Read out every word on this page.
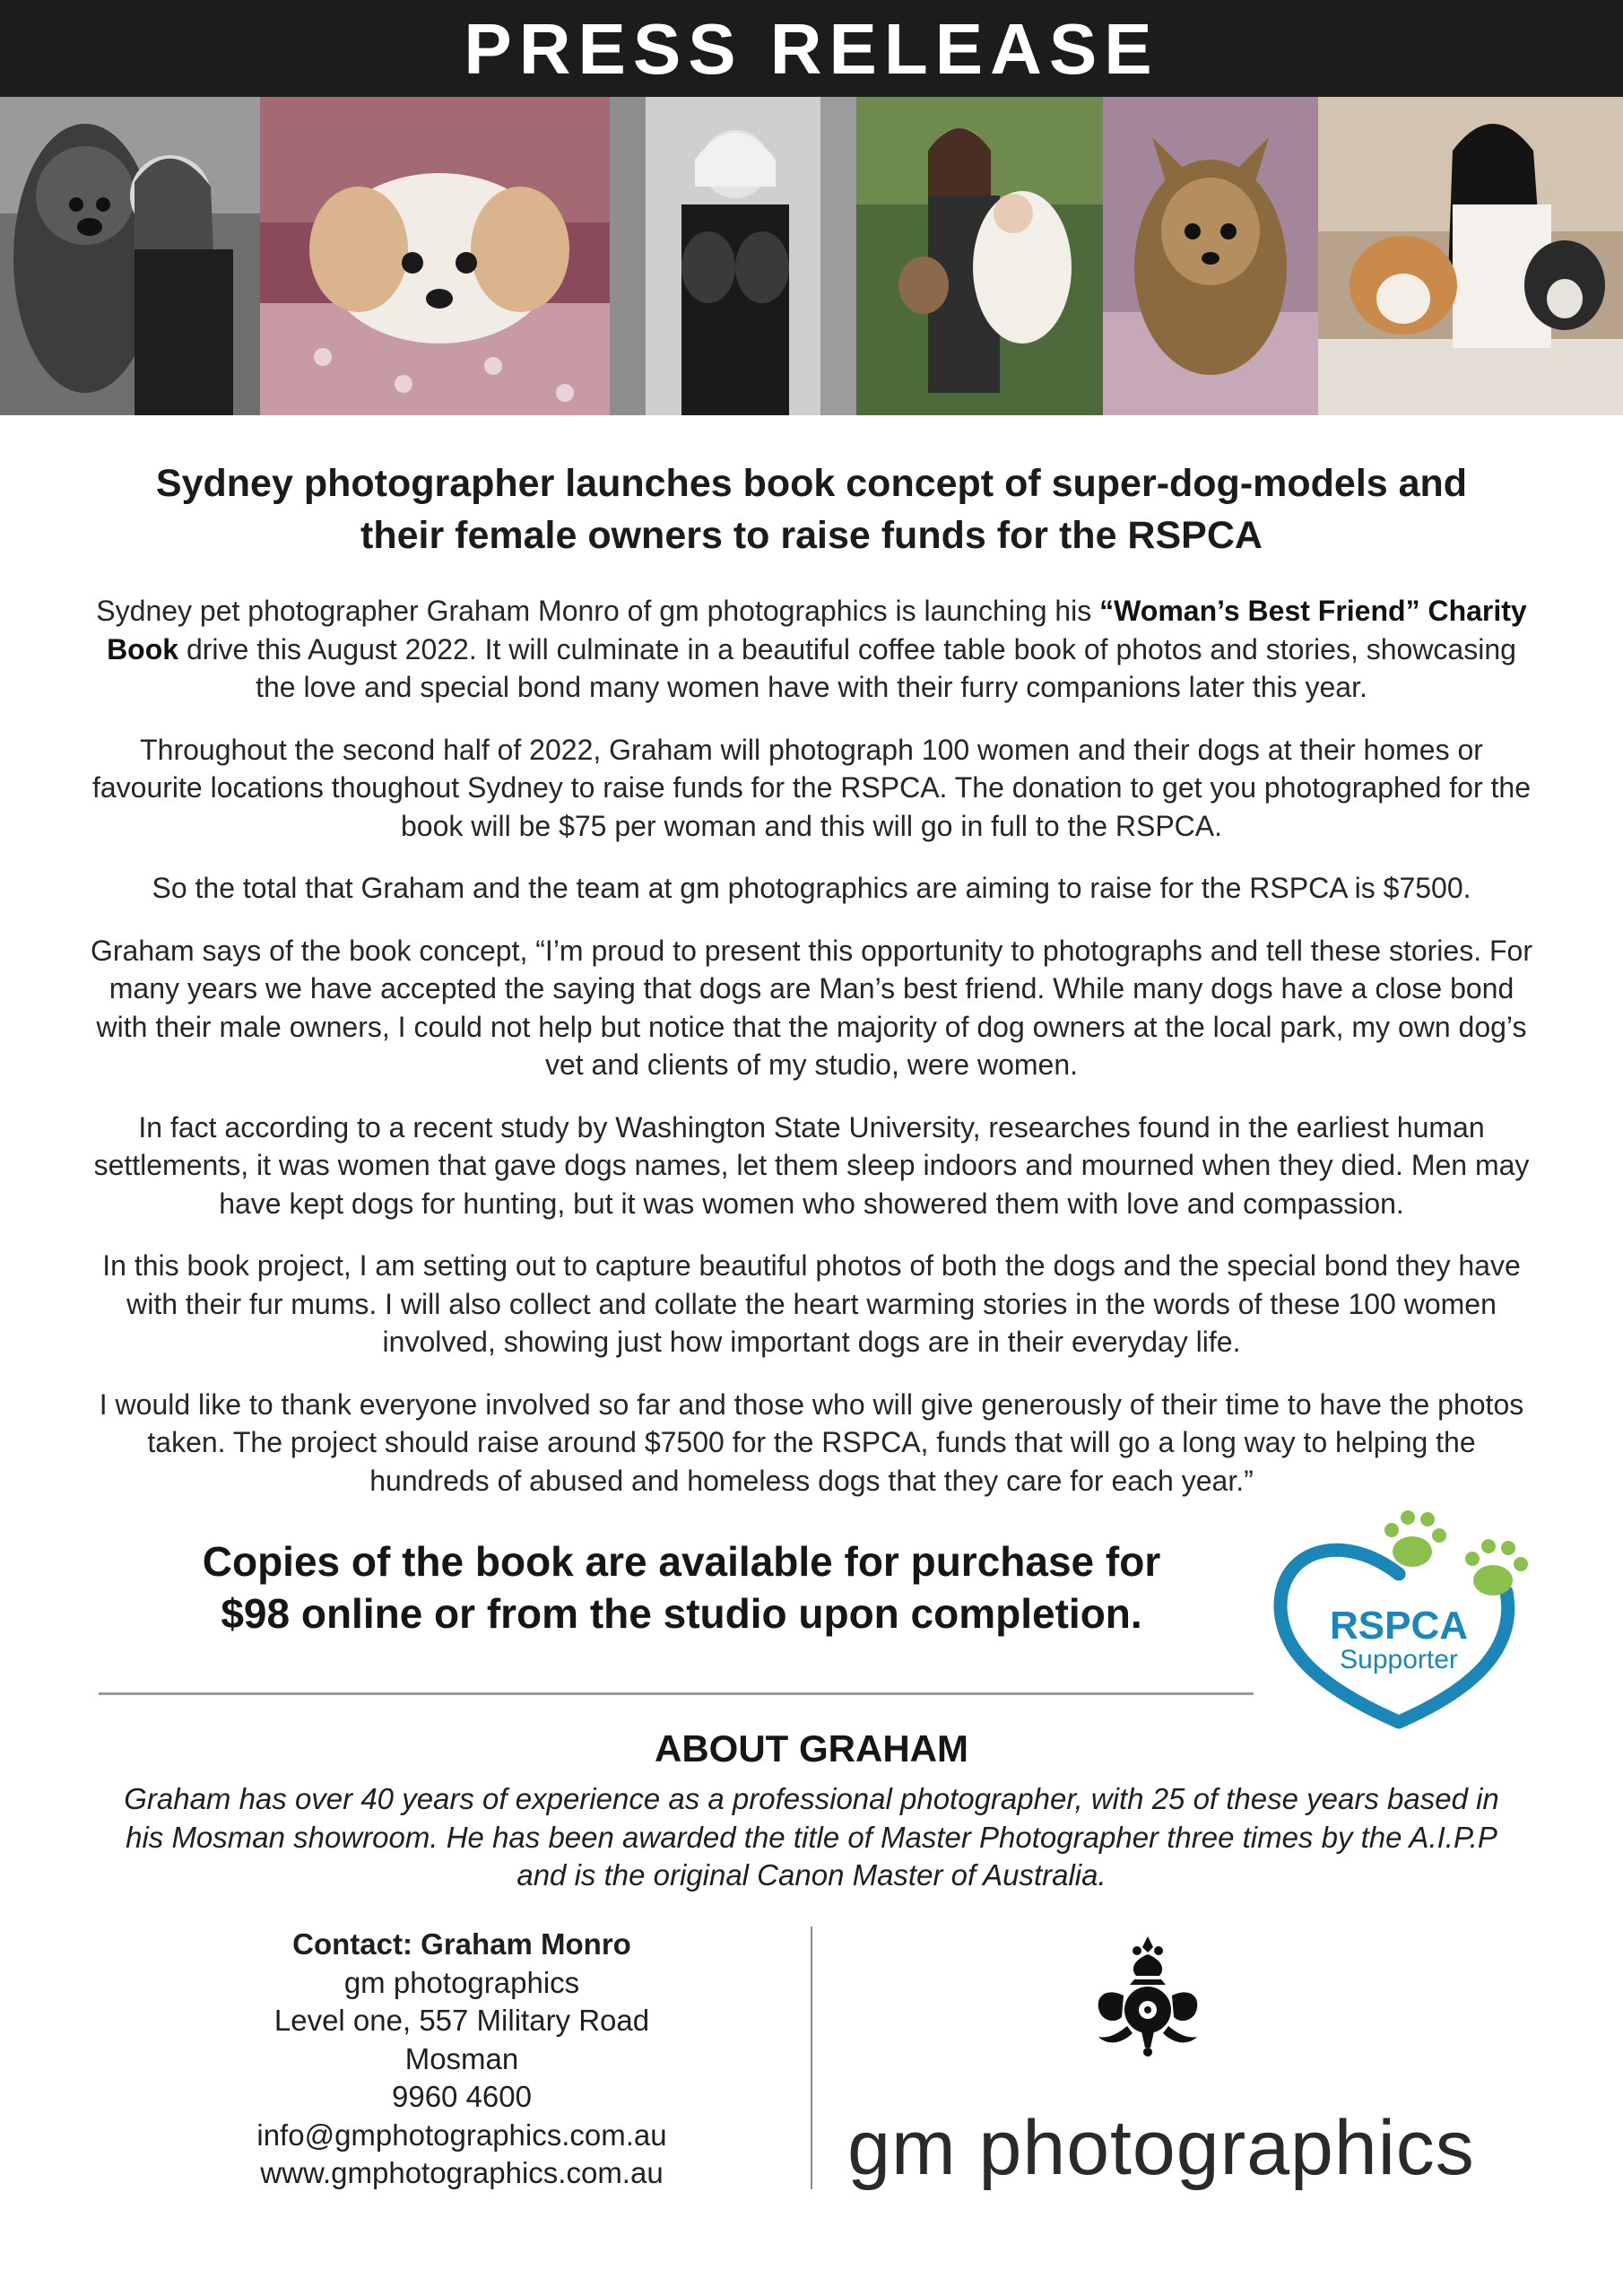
PRESS RELEASE
Sydney photographer launches book concept of super-dog-models and
their female owners to raise funds for the RSPCA

Sydney pet photographer Graham Monro of gm photographics is launching his “Woman’s Best Friend” Charity Book drive this August 2022. It will culminate in a beautiful coffee table book of photos and stories, showcasing the love and special bond many women have with their furry companions later this year.

Throughout the second half of 2022, Graham will photograph 100 women and their dogs at their homes or favourite locations thoughout Sydney to raise funds for the RSPCA. The donation to get you photographed for the book will be $75 per woman and this will go in full to the RSPCA.

So the total that Graham and the team at gm photographics are aiming to raise for the RSPCA is $7500.

Graham says of the book concept, “I’m proud to present this opportunity to photographs and tell these stories. For many years we have accepted the saying that dogs are Man’s best friend. While many dogs have a close bond with their male owners, I could not help but notice that the majority of dog owners at the local park, my own dog’s vet and clients of my studio, were women.

In fact according to a recent study by Washington State University, researches found in the earliest human settlements, it was women that gave dogs names, let them sleep indoors and mourned when they died. Men may have kept dogs for hunting, but it was women who showered them with love and compassion.

In this book project, I am setting out to capture beautiful photos of both the dogs and the special bond they have with their fur mums. I will also collect and collate the heart warming stories in the words of these 100 women involved, showing just how important dogs are in their everyday life.

I would like to thank everyone involved so far and those who will give generously of their time to have the photos taken. The project should raise around $7500 for the RSPCA, funds that will go a long way to helping the hundreds of abused and homeless dogs that they care for each year.”

Copies of the book are available for purchase for
$98 online or from the studio upon completion.	RSPCA
Supporter
ABOUT GRAHAM
Graham has over 40 years of experience as a professional photographer, with 25 of these years based in his Mosman showroom. He has been awarded the title of Master Photographer three times by the A.I.P.P and is the original Canon Master of Australia.
Contact: Graham Monro
gm photographics
Level one, 557 Military Road
Mosman
9960 4600
info@gmphotographics.com.au
www.gmphotographics.com.au	gm photographics
